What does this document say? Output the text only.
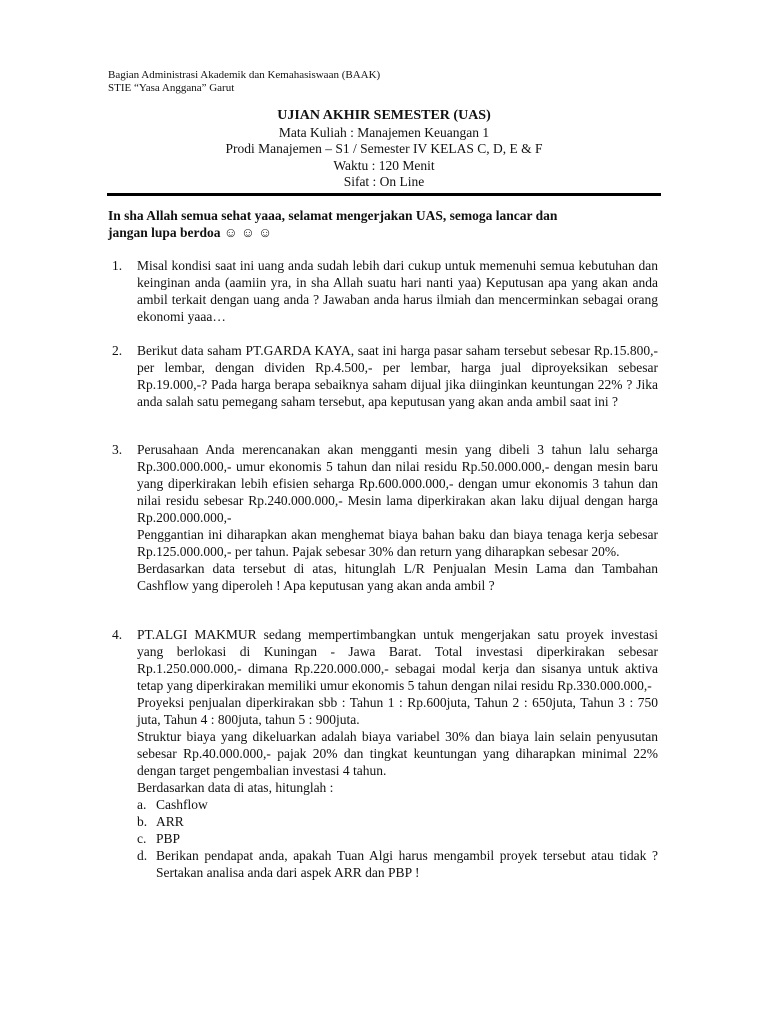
Bagian Administrasi Akademik dan Kemahasiswaan (BAAK)
STIE “Yasa Anggana” Garut
UJIAN AKHIR SEMESTER (UAS)
Mata Kuliah : Manajemen Keuangan 1
Prodi Manajemen – S1 / Semester IV KELAS C, D, E & F
Waktu : 120 Menit
Sifat : On Line
In sha Allah semua sehat yaaa, selamat mengerjakan UAS, semoga lancar dan
jangan lupa berdoa ☺ ☺ ☺
1.	Misal kondisi saat ini uang anda sudah lebih dari cukup untuk memenuhi semua kebutuhan dan keinginan anda (aamiin yra, in sha Allah suatu hari nanti yaa) Keputusan apa yang akan anda ambil terkait dengan uang anda ? Jawaban anda harus ilmiah dan mencerminkan sebagai orang ekonomi yaaa…

2.	Berikut data saham PT.GARDA KAYA, saat ini harga pasar saham tersebut sebesar Rp.15.800,- per lembar, dengan dividen Rp.4.500,- per lembar, harga jual diproyeksikan sebesar Rp.19.000,-? Pada harga berapa sebaiknya saham dijual jika diinginkan keuntungan 22% ? Jika anda salah satu pemegang saham tersebut, apa keputusan yang akan anda ambil saat ini ?

3.	Perusahaan Anda merencanakan akan mengganti mesin yang dibeli 3 tahun lalu seharga Rp.300.000.000,- umur ekonomis 5 tahun dan nilai residu Rp.50.000.000,- dengan mesin baru yang diperkirakan lebih efisien seharga Rp.600.000.000,- dengan umur ekonomis 3 tahun dan nilai residu sebesar Rp.240.000.000,- Mesin lama diperkirakan akan laku dijual dengan harga Rp.200.000.000,-

Penggantian ini diharapkan akan menghemat biaya bahan baku dan biaya tenaga kerja sebesar Rp.125.000.000,- per tahun. Pajak sebesar 30% dan return yang diharapkan sebesar 20%.

Berdasarkan data tersebut di atas, hitunglah L/R Penjualan Mesin Lama dan Tambahan Cashflow yang diperoleh ! Apa keputusan yang akan anda ambil ?

4.	PT.ALGI MAKMUR sedang mempertimbangkan untuk mengerjakan satu proyek investasi yang berlokasi di Kuningan - Jawa Barat. Total investasi diperkirakan sebesar Rp.1.250.000.000,- dimana Rp.220.000.000,- sebagai modal kerja dan sisanya untuk aktiva tetap yang diperkirakan memiliki umur ekonomis 5 tahun dengan nilai residu Rp.330.000.000,-

Proyeksi penjualan diperkirakan sbb : Tahun 1 : Rp.600juta, Tahun 2 : 650juta, Tahun 3 : 750 juta, Tahun 4 : 800juta, tahun 5 : 900juta.

Struktur biaya yang dikeluarkan adalah biaya variabel 30% dan biaya lain selain penyusutan sebesar Rp.40.000.000,- pajak 20% dan tingkat keuntungan yang diharapkan minimal 22% dengan target pengembalian investasi 4 tahun.

Berdasarkan data di atas, hitunglah :

a. Cashflow
b. ARR
c. PBP
d. Berikan pendapat anda, apakah Tuan Algi harus mengambil proyek tersebut atau tidak ? Sertakan analisa anda dari aspek ARR dan PBP !
